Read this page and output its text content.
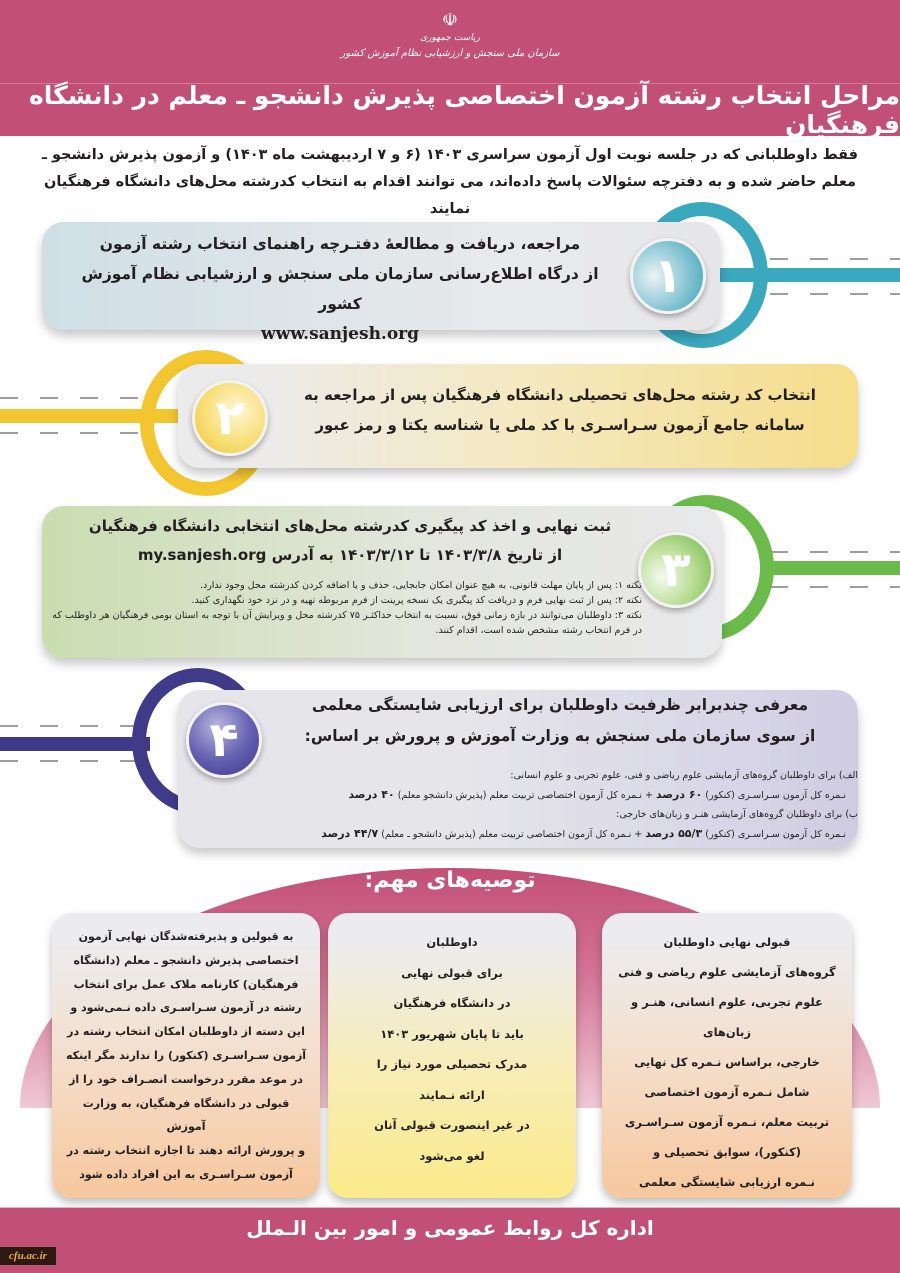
☫
ریاست جمهوری
سازمان ملی سنجش و ارزشیابی نظام آموزش کشور
مراحل انتخاب رشته آزمون اختصاصی پذیرش دانشجو ـ معلم در دانشگاه فرهنگیان
فقط داوطلبانی که در جلسه نوبت اول آزمون سراسری ۱۴۰۳ (۶ و ۷ اردیبهشت ماه ۱۴۰۳) و آزمون پذیرش دانشجو ـ معلم حاضر شده و به دفترچه سئوالات پاسخ داده‌اند، می توانند اقدام به انتخاب کدرشته محل‌های دانشگاه فرهنگیان نمایند
۱
مراجعه، دریافت و مطالعۀ دفتـرچه راهنمای انتخاب رشته آزمون
از درگاه اطلاع‌رسانی سازمان ملی سنجش و ارزشیابی نظام آموزش کشور
www.sanjesh.org
۲	انتخاب کد رشته محل‌های تحصیلی دانشگاه فرهنگیان پس از مراجعه به
سامانه جامع آزمون سـراسـری با کد ملی یا شناسه یکتا و رمز عبور
۳
ثبت نهایی و اخذ کد پیگیری کدرشته محل‌های انتخابی دانشگاه فرهنگیان
از تاریخ ۱۴۰۳/۳/۸ تا ۱۴۰۳/۳/۱۲ به آدرس my.sanjesh.org
نکته ۱: پس از پایان مهلت قانونی، به هیچ عنوان امکان جابجایی، حذف و یا اضافه کردن کدرشته محل وجود ندارد.
نکته ۲: پس از ثبت نهایی فرم و دریافت کد پیگیری یک نسخه پرینت از فرم مربوطه تهیه و در نزد خود نگهداری کنید.
نکته ۳: داوطلبان می‌توانند در بازه زمانی فوق، نسبت به انتخاب حداکثـر ۷۵ کدرشته محل و ویرایش آن با توجه به استان بومی فرهنگیان هر داوطلب که در فرم انتخاب رشته مشخص شده است، اقدام کنند.
۴
معرفی چندبرابر ظرفیت داوطلبان برای ارزیابی شایستگی معلمی
از سوی سازمان ملی سنجش به وزارت آموزش و پرورش بر اساس:
الف) برای داوطلبان گروه‌های آزمایشی علوم ریاضی و فنی، علوم تجربی و علوم انسانی:
نـمره کل آزمون سـراسـری (کنکور) ۶۰ درصد + نـمره کل آزمون اختصاصی تربیت معلم (پذیرش دانشجو معلم) ۴۰ درصد
ب) برای داوطلبان گروه‌های آزمایشی هنـر و زبان‌های خارجی:
نـمره کل آزمون سـراسـری (کنکور) ۵۵/۳ درصد + نـمره کل آزمون اختصاصی تربیت معلم (پذیرش دانشجو ـ معلم) ۴۴/۷ درصد
توصیه‌های مهم:
قبولی نهایی داوطلبان
گروه‌های آزمایشی علوم ریاضی و فنی
علوم تجربی، علوم انسانی، هنـر و زبان‌های
خارجی، براساس نـمره کل نهایی
شامل نـمره آزمون اختصاصی
تربیت معلم، نـمره آزمون سـراسـری
(کنکور)، سوابق تحصیلی و
نـمره ارزیابی شایستگی معلمی
داوطلبان
برای قبولی نهایی
در دانشگاه فرهنگیان
باید تا پایان شهریور ۱۴۰۳
مدرک تحصیلی مورد نیاز را
ارائه نـمایند
در غیر اینصورت قبولی آنان
لغو می‌شود
به قبولین و پذیرفته‌شدگان نهایی آزمون
اختصاصی پذیرش دانشجو ـ معلم (دانشگاه
فرهنگیان) کارنامه ملاک عمل برای انتخاب
رشته در آزمون سـراسـری داده نـمی‌شود و
این دسته از داوطلبان امکان انتخاب رشته در
آزمون سـراسـری (کنکور) را ندارند مگر اینکه
در موعد مقرر درخواست انصـراف خود را از
قبولی در دانشگاه فرهنگیان، به وزارت آموزش
و پرورش ارائه دهند تا اجازه انتخاب رشته در
آزمون سـراسـری به این افراد داده شود
اداره کل روابط عمومی و امور بین الـملل
cfu.ac.ir
